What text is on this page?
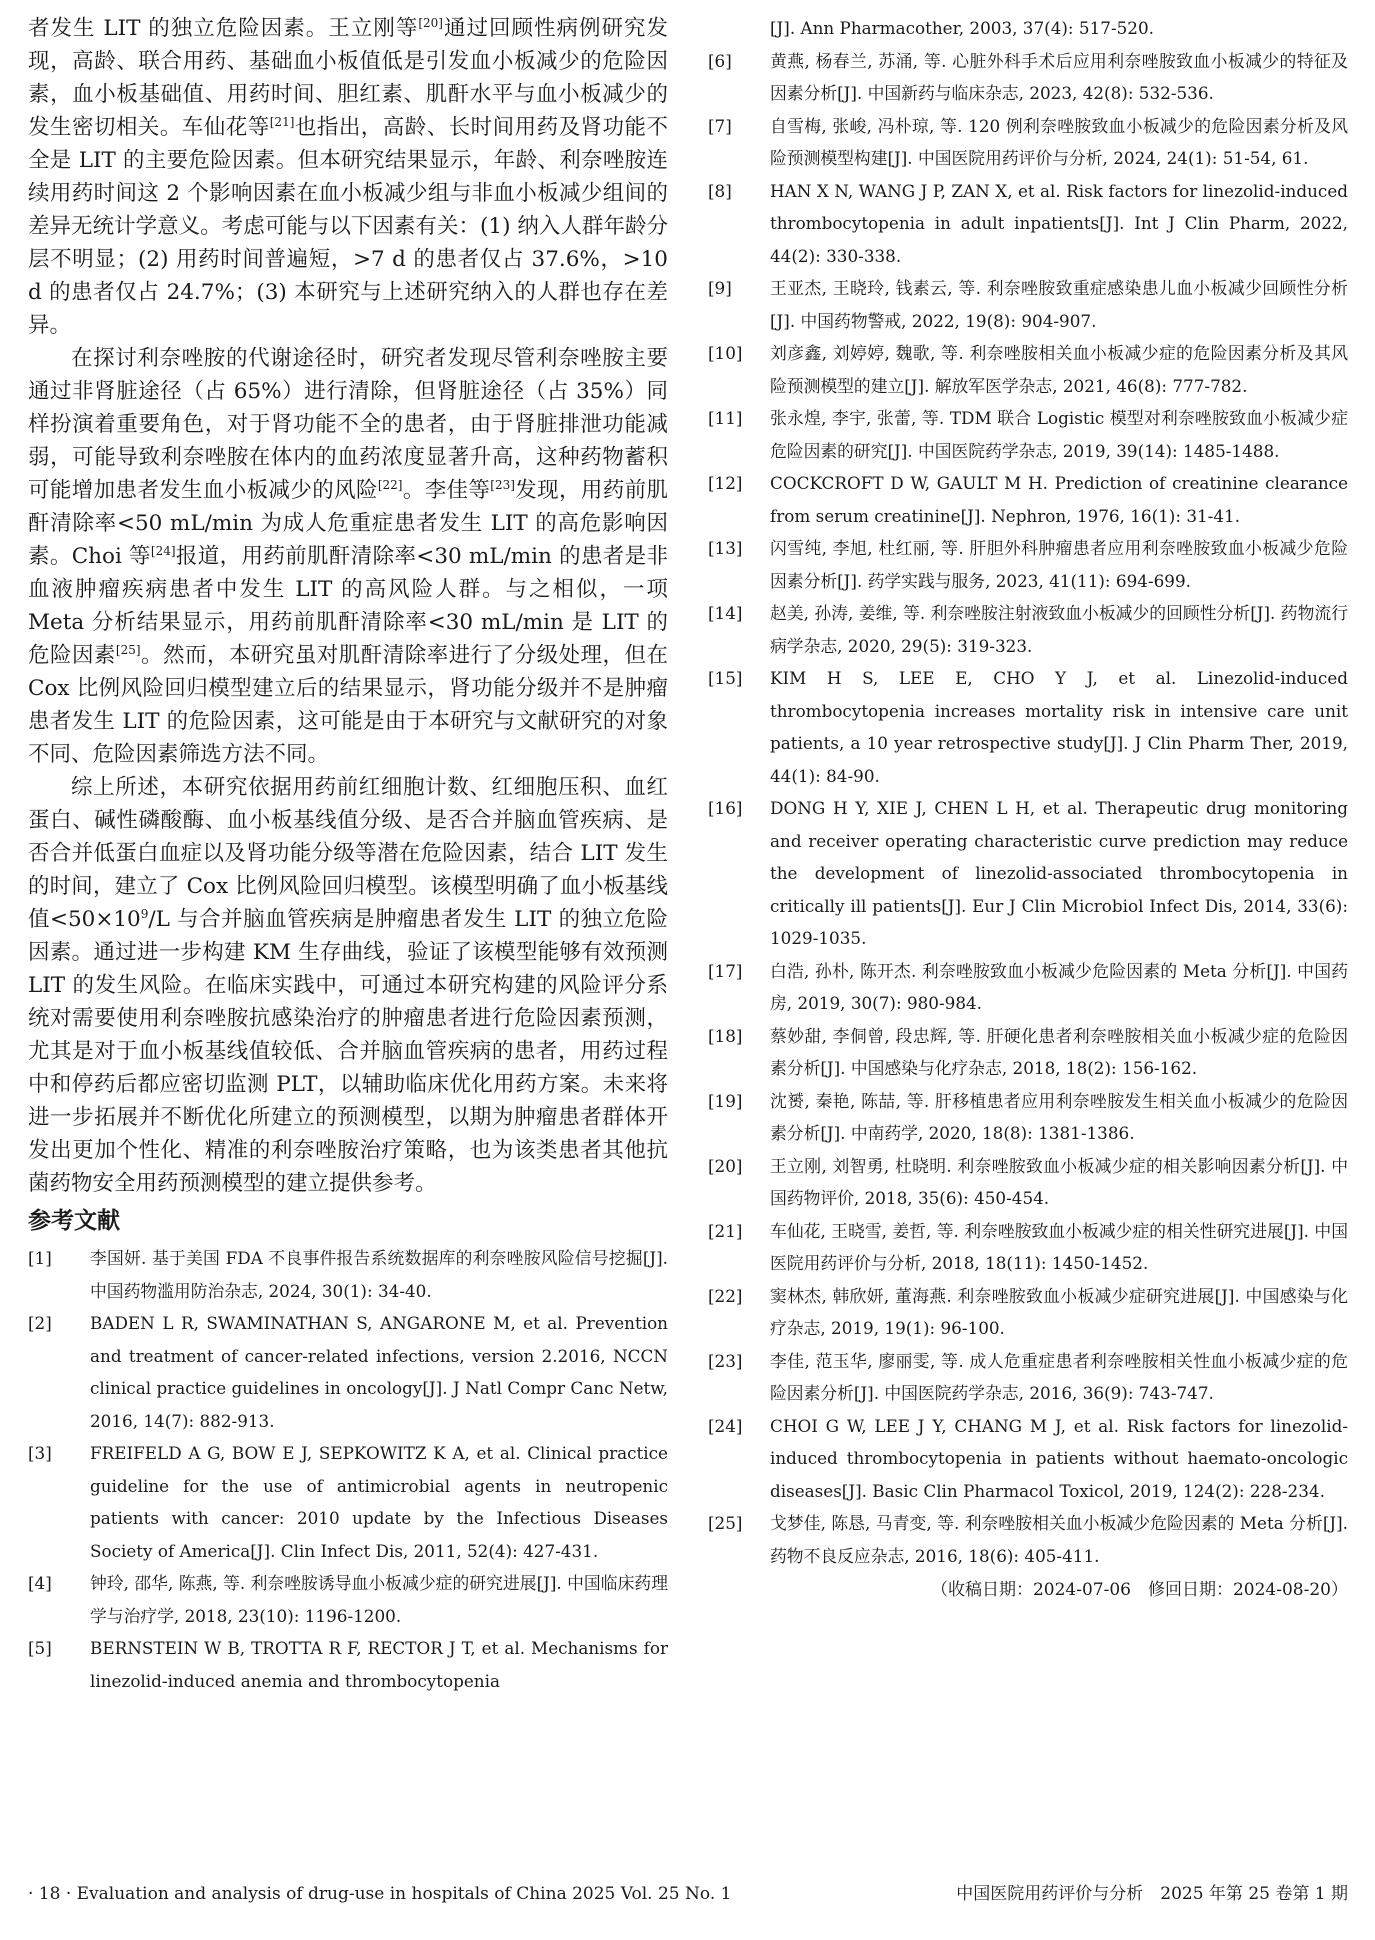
者发生 LIT 的独立危险因素。王立刚等[20]通过回顾性病例研究发现，高龄、联合用药、基础血小板值低是引发血小板减少的危险因素，血小板基础值、用药时间、胆红素、肌酐水平与血小板减少的发生密切相关。车仙花等[21]也指出，高龄、长时间用药及肾功能不全是 LIT 的主要危险因素。但本研究结果显示，年龄、利奈唑胺连续用药时间这 2 个影响因素在血小板减少组与非血小板减少组间的差异无统计学意义。考虑可能与以下因素有关：(1) 纳入人群年龄分层不明显；(2) 用药时间普遍短，>7 d 的患者仅占 37.6%，>10 d 的患者仅占 24.7%；(3) 本研究与上述研究纳入的人群也存在差异。

在探讨利奈唑胺的代谢途径时，研究者发现尽管利奈唑胺主要通过非肾脏途径（占 65%）进行清除，但肾脏途径（占 35%）同样扮演着重要角色，对于肾功能不全的患者，由于肾脏排泄功能减弱，可能导致利奈唑胺在体内的血药浓度显著升高，这种药物蓄积可能增加患者发生血小板减少的风险[22]。李佳等[23]发现，用药前肌酐清除率<50 mL/min 为成人危重症患者发生 LIT 的高危影响因素。Choi 等[24]报道，用药前肌酐清除率<30 mL/min 的患者是非血液肿瘤疾病患者中发生 LIT 的高风险人群。与之相似，一项 Meta 分析结果显示，用药前肌酐清除率<30 mL/min 是 LIT 的危险因素[25]。然而，本研究虽对肌酐清除率进行了分级处理，但在 Cox 比例风险回归模型建立后的结果显示，肾功能分级并不是肿瘤患者发生 LIT 的危险因素，这可能是由于本研究与文献研究的对象不同、危险因素筛选方法不同。

综上所述，本研究依据用药前红细胞计数、红细胞压积、血红蛋白、碱性磷酸酶、血小板基线值分级、是否合并脑血管疾病、是否合并低蛋白血症以及肾功能分级等潜在危险因素，结合 LIT 发生的时间，建立了 Cox 比例风险回归模型。该模型明确了血小板基线值$<50\times 10^9/L$ 与合并脑血管疾病是肿瘤患者发生 LIT 的独立危险因素。通过进一步构建 KM 生存曲线，验证了该模型能够有效预测 LIT 的发生风险。在临床实践中，可通过本研究构建的风险评分系统对需要使用利奈唑胺抗感染治疗的肿瘤患者进行危险因素预测，尤其是对于血小板基线值较低、合并脑血管疾病的患者，用药过程中和停药后都应密切监测 PLT，以辅助临床优化用药方案。未来将进一步拓展并不断优化所建立的预测模型，以期为肿瘤患者群体开发出更加个性化、精准的利奈唑胺治疗策略，也为该类患者其他抗菌药物安全用药预测模型的建立提供参考。

参考文献
[1]	李国妍. 基于美国 FDA 不良事件报告系统数据库的利奈唑胺风险信号挖掘[J]. 中国药物滥用防治杂志, 2024, 30(1): 34-40.
[2]	BADEN L R, SWAMINATHAN S, ANGARONE M, et al. Prevention and treatment of cancer-related infections, version 2.2016, NCCN clinical practice guidelines in oncology[J]. J Natl Compr Canc Netw, 2016, 14(7): 882-913.
[3]	FREIFELD A G, BOW E J, SEPKOWITZ K A, et al. Clinical practice guideline for the use of antimicrobial agents in neutropenic patients with cancer: 2010 update by the Infectious Diseases Society of America[J]. Clin Infect Dis, 2011, 52(4): 427-431.
[4]	钟玲, 邵华, 陈燕, 等. 利奈唑胺诱导血小板减少症的研究进展[J]. 中国临床药理学与治疗学, 2018, 23(10): 1196-1200.
[5]	BERNSTEIN W B, TROTTA R F, RECTOR J T, et al. Mechanisms for linezolid-induced anemia and thrombocytopenia
[J]. Ann Pharmacother, 2003, 37(4): 517-520.
[6]	黄燕, 杨春兰, 苏涌, 等. 心脏外科手术后应用利奈唑胺致血小板减少的特征及因素分析[J]. 中国新药与临床杂志, 2023, 42(8): 532-536.
[7]	自雪梅, 张峻, 冯朴琼, 等. 120 例利奈唑胺致血小板减少的危险因素分析及风险预测模型构建[J]. 中国医院用药评价与分析, 2024, 24(1): 51-54, 61.
[8]	HAN X N, WANG J P, ZAN X, et al. Risk factors for linezolid-induced thrombocytopenia in adult inpatients[J]. Int J Clin Pharm, 2022, 44(2): 330-338.
[9]	王亚杰, 王晓玲, 钱素云, 等. 利奈唑胺致重症感染患儿血小板减少回顾性分析[J]. 中国药物警戒, 2022, 19(8): 904-907.
[10]	刘彦鑫, 刘婷婷, 魏歌, 等. 利奈唑胺相关血小板减少症的危险因素分析及其风险预测模型的建立[J]. 解放军医学杂志, 2021, 46(8): 777-782.
[11]	张永煌, 李宇, 张蕾, 等. TDM 联合 Logistic 模型对利奈唑胺致血小板减少症危险因素的研究[J]. 中国医院药学杂志, 2019, 39(14): 1485-1488.
[12]	COCKCROFT D W, GAULT M H. Prediction of creatinine clearance from serum creatinine[J]. Nephron, 1976, 16(1): 31-41.
[13]	闪雪纯, 李旭, 杜红丽, 等. 肝胆外科肿瘤患者应用利奈唑胺致血小板减少危险因素分析[J]. 药学实践与服务, 2023, 41(11): 694-699.
[14]	赵美, 孙涛, 姜维, 等. 利奈唑胺注射液致血小板减少的回顾性分析[J]. 药物流行病学杂志, 2020, 29(5): 319-323.
[15]	KIM H S, LEE E, CHO Y J, et al. Linezolid-induced thrombocytopenia increases mortality risk in intensive care unit patients, a 10 year retrospective study[J]. J Clin Pharm Ther, 2019, 44(1): 84-90.
[16]	DONG H Y, XIE J, CHEN L H, et al. Therapeutic drug monitoring and receiver operating characteristic curve prediction may reduce the development of linezolid-associated thrombocytopenia in critically ill patients[J]. Eur J Clin Microbiol Infect Dis, 2014, 33(6): 1029-1035.
[17]	白浩, 孙朴, 陈开杰. 利奈唑胺致血小板减少危险因素的 Meta 分析[J]. 中国药房, 2019, 30(7): 980-984.
[18]	蔡妙甜, 李侗曾, 段忠辉, 等. 肝硬化患者利奈唑胺相关血小板减少症的危险因素分析[J]. 中国感染与化疗杂志, 2018, 18(2): 156-162.
[19]	沈赟, 秦艳, 陈喆, 等. 肝移植患者应用利奈唑胺发生相关血小板减少的危险因素分析[J]. 中南药学, 2020, 18(8): 1381-1386.
[20]	王立刚, 刘智勇, 杜晓明. 利奈唑胺致血小板减少症的相关影响因素分析[J]. 中国药物评价, 2018, 35(6): 450-454.
[21]	车仙花, 王晓雪, 姜哲, 等. 利奈唑胺致血小板减少症的相关性研究进展[J]. 中国医院用药评价与分析, 2018, 18(11): 1450-1452.
[22]	窦林杰, 韩欣妍, 董海燕. 利奈唑胺致血小板减少症研究进展[J]. 中国感染与化疗杂志, 2019, 19(1): 96-100.
[23]	李佳, 范玉华, 廖丽雯, 等. 成人危重症患者利奈唑胺相关性血小板减少症的危险因素分析[J]. 中国医院药学杂志, 2016, 36(9): 743-747.
[24]	CHOI G W, LEE J Y, CHANG M J, et al. Risk factors for linezolid-induced thrombocytopenia in patients without haemato-oncologic diseases[J]. Basic Clin Pharmacol Toxicol, 2019, 124(2): 228-234.
[25]	戈梦佳, 陈恳, 马青变, 等. 利奈唑胺相关血小板减少危险因素的 Meta 分析[J]. 药物不良反应杂志, 2016, 18(6): 405-411.
（收稿日期：2024-07-06　修回日期：2024-08-20）
· 18 · Evaluation and analysis of drug-use in hospitals of China 2025 Vol. 25 No. 1	中国医院用药评价与分析　2025 年第 25 卷第 1 期
